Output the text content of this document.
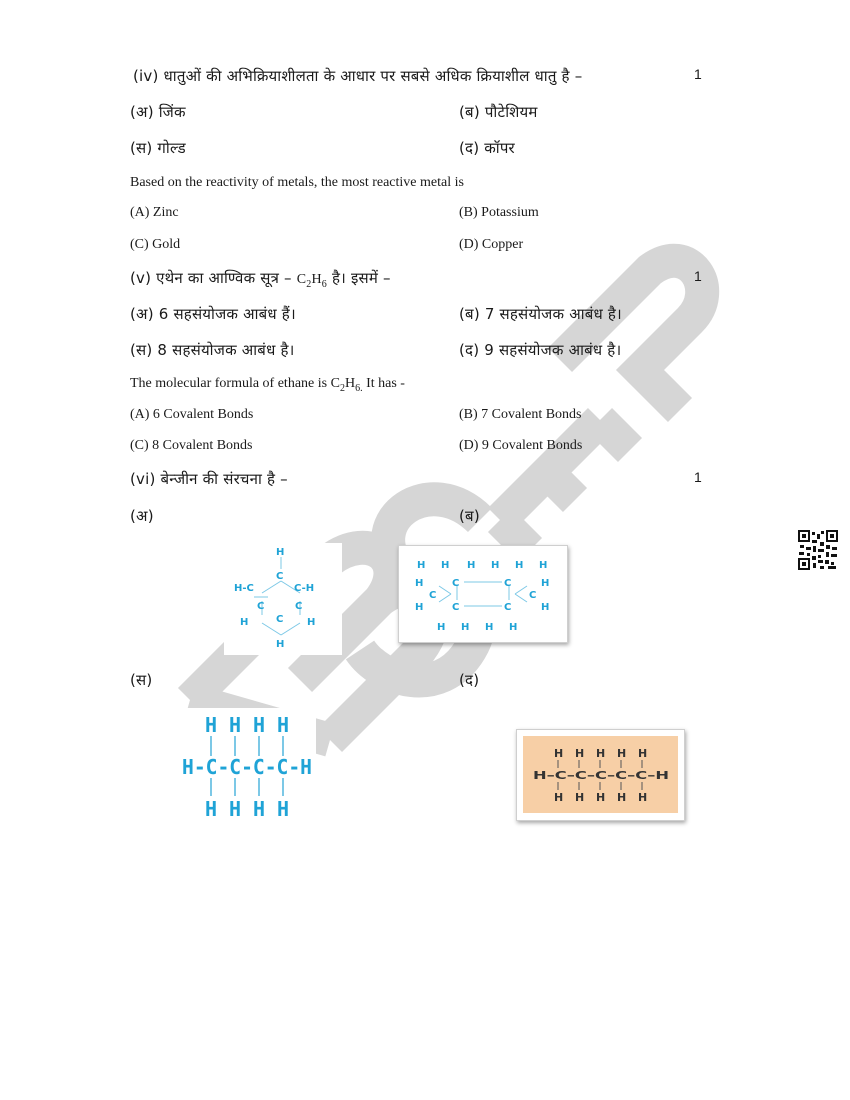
(iv) धातुओं की अभिक्रियाशीलता के आधार पर सबसे अधिक क्रियाशील धातु है –	1
(अ) जिंक	(ब) पौटेशियम
(स) गोल्ड	(द) कॉपर
Based on the reactivity of metals, the most reactive metal is
(A) Zinc	(B) Potassium
(C) Gold	(D) Copper
(v) एथेन का आण्विक सूत्र – $C_2H_6$ है। इसमें –	1
(अ) 6 सहसंयोजक आबंध हैं।	(ब) 7 सहसंयोजक आबंध है।
(स) 8 सहसंयोजक आबंध है।	(द) 9 सहसंयोजक आबंध है।
The molecular formula of ethane is $C_2H_{6.}$ It has -
(A) 6 Covalent Bonds	(B) 7 Covalent Bonds
(C) 8 Covalent Bonds	(D) 9 Covalent Bonds
(vi) बेन्जीन की संरचना है –	1
(अ)	(ब)
H
C
H-C	C-H
C	C
C
H	H
H
H H H H H H
H	C	C	H
C	C
H	C	C	H
H H H H
(स)	(द)
H H H H
H-C-C-C-C-H
H H H H
H H H H H
H–C–C–C–C–C–H
H H H H H
